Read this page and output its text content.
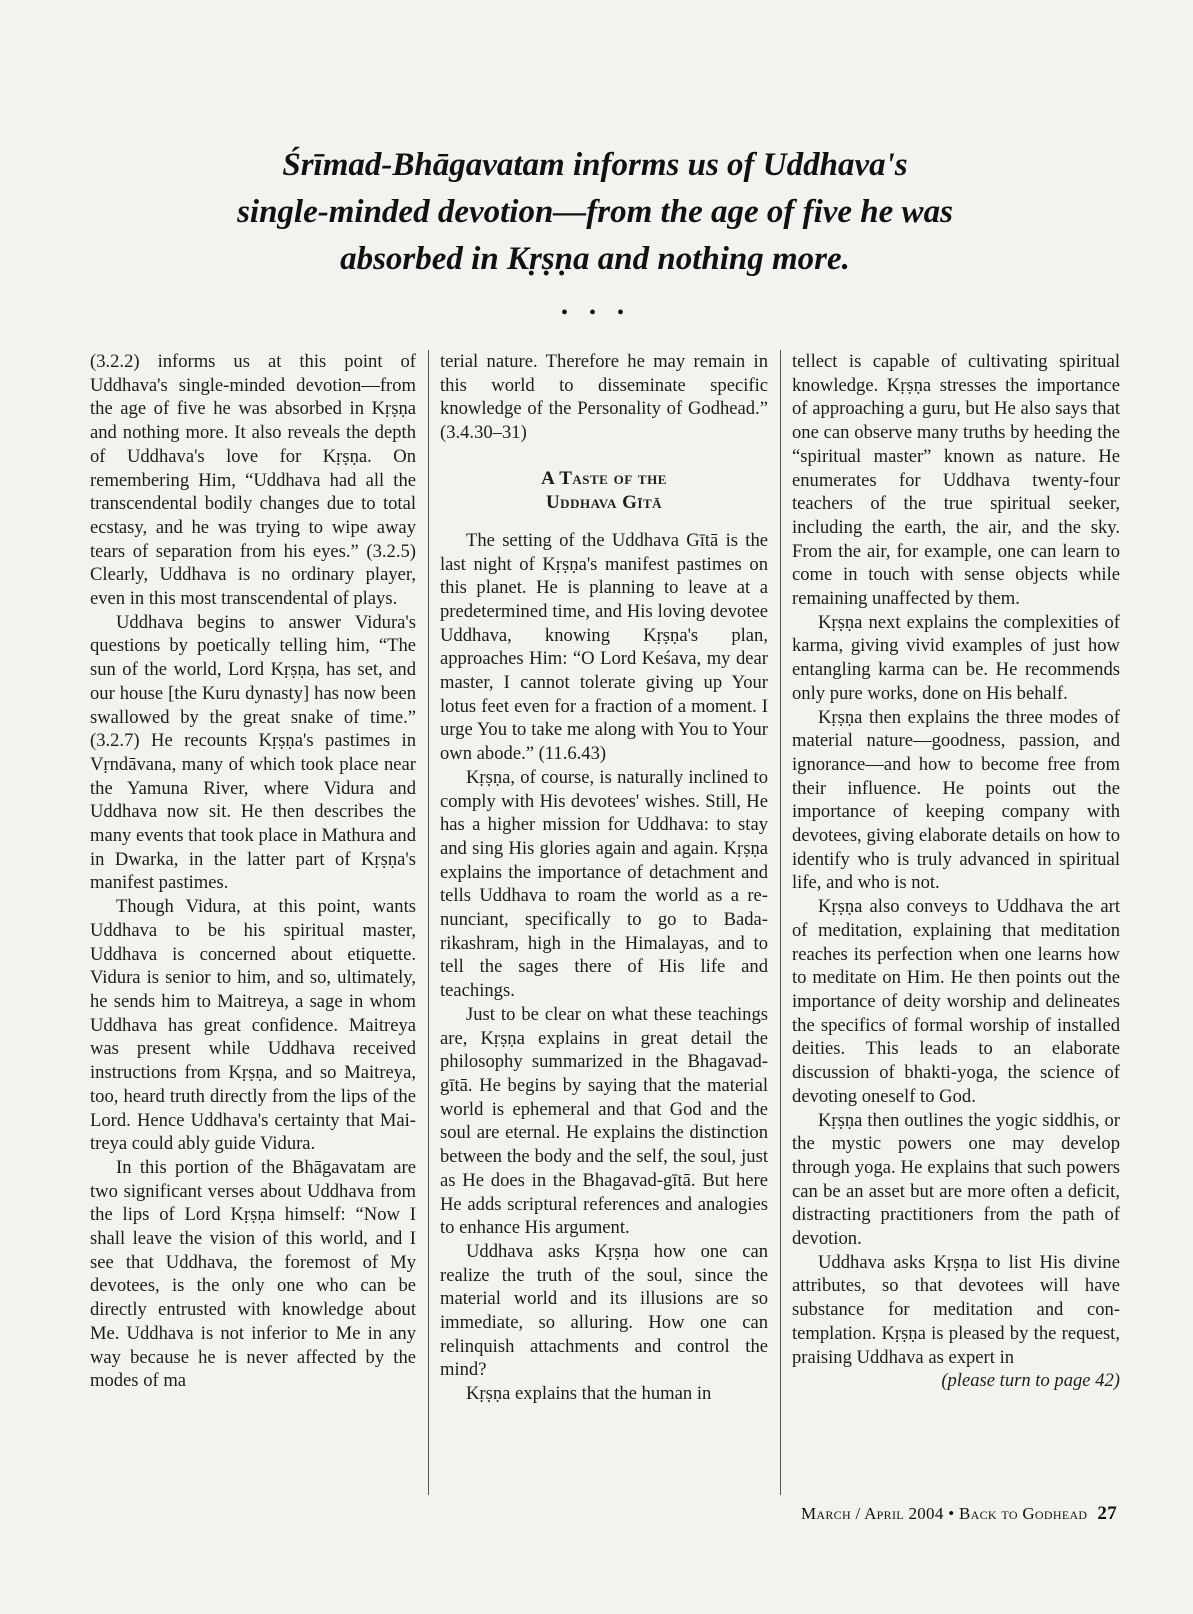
Śrīmad-Bhāgavatam informs us of Uddhava's
single-minded devotion—from the age of five he was
absorbed in Kṛṣṇa and nothing more.
• • •

(3.2.2) informs us at this point of Uddhava's single-minded devotion—from the age of five he was absorbed in Kṛṣṇa and nothing more. It also reveals the depth of Uddhava's love for Kṛṣṇa. On remembering Him, “Uddhava had all the transcendental bodily changes due to total ecstasy, and he was trying to wipe away tears of separation from his eyes.” (3.2.5) Clearly, Uddhava is no ordinary player, even in this most transcendental of plays.

Uddhava begins to answer Vidura's questions by poetically telling him, “The sun of the world, Lord Kṛṣṇa, has set, and our house [the Kuru dynasty] has now been swallowed by the great snake of time.” (3.2.7) He recounts Kṛṣṇa's pastimes in Vṛndāvana, many of which took place near the Yamuna River, where Vidura and Uddhava now sit. He then describes the many events that took place in Mathura and in Dwarka, in the latter part of Kṛṣṇa's manifest pastimes.

Though Vidura, at this point, wants Uddhava to be his spiritual master, Uddhava is concerned about etiquette. Vidura is senior to him, and so, ultimately, he sends him to Maitreya, a sage in whom Uddhava has great confidence. Maitreya was present while Uddhava received instructions from Kṛṣṇa, and so Maitreya, too, heard truth directly from the lips of the Lord. Hence Uddhava's certainty that Maitreya could ably guide Vidura.

In this portion of the Bhāgavatam are two significant verses about Uddhava from the lips of Lord Kṛṣṇa himself: “Now I shall leave the vision of this world, and I see that Uddhava, the foremost of My devotees, is the only one who can be directly entrusted with knowledge about Me. Uddhava is not inferior to Me in any way because he is never affected by the modes of ma

terial nature. Therefore he may remain in this world to disseminate specific knowledge of the Personality of Godhead.” (3.4.30–31)

A Taste of the
Uddhava Gītā

The setting of the Uddhava Gītā is the last night of Kṛṣṇa's manifest pastimes on this planet. He is planning to leave at a predetermined time, and His loving devotee Uddhava, knowing Kṛṣṇa's plan, approaches Him: “O Lord Keśava, my dear master, I cannot tolerate giving up Your lotus feet even for a fraction of a moment. I urge You to take me along with You to Your own abode.” (11.6.43)

Kṛṣṇa, of course, is naturally inclined to comply with His devotees' wishes. Still, He has a higher mission for Uddhava: to stay and sing His glories again and again. Kṛṣṇa explains the importance of detachment and tells Uddhava to roam the world as a renunciant, specifically to go to Badarikashram, high in the Himalayas, and to tell the sages there of His life and teachings.

Just to be clear on what these teachings are, Kṛṣṇa explains in great detail the philosophy summarized in the Bhagavad-gītā. He begins by saying that the material world is ephemeral and that God and the soul are eternal. He explains the distinction between the body and the self, the soul, just as He does in the Bhagavad-gītā. But here He adds scriptural references and analogies to enhance His argument.

Uddhava asks Kṛṣṇa how one can realize the truth of the soul, since the material world and its illusions are so immediate, so alluring. How one can relinquish attachments and control the mind?

Kṛṣṇa explains that the human in

tellect is capable of cultivating spiritual knowledge. Kṛṣṇa stresses the importance of approaching a guru, but He also says that one can observe many truths by heeding the “spiritual master” known as nature. He enumerates for Uddhava twenty-four teachers of the true spiritual seeker, including the earth, the air, and the sky. From the air, for example, one can learn to come in touch with sense objects while remaining unaffected by them.

Kṛṣṇa next explains the complexities of karma, giving vivid examples of just how entangling karma can be. He recommends only pure works, done on His behalf.

Kṛṣṇa then explains the three modes of material nature—goodness, passion, and ignorance—and how to become free from their influence. He points out the importance of keeping company with devotees, giving elaborate details on how to identify who is truly advanced in spiritual life, and who is not.

Kṛṣṇa also conveys to Uddhava the art of meditation, explaining that meditation reaches its perfection when one learns how to meditate on Him. He then points out the importance of deity worship and delineates the specifics of formal worship of installed deities. This leads to an elaborate discussion of bhakti-yoga, the science of devoting oneself to God.

Kṛṣṇa then outlines the yogic siddhis, or the mystic powers one may develop through yoga. He explains that such powers can be an asset but are more often a deficit, distracting practitioners from the path of devotion.

Uddhava asks Kṛṣṇa to list His divine attributes, so that devotees will have substance for meditation and contemplation. Kṛṣṇa is pleased by the request, praising Uddhava as expert in

(please turn to page 42)

March / April 2004 • Back to Godhead 27
